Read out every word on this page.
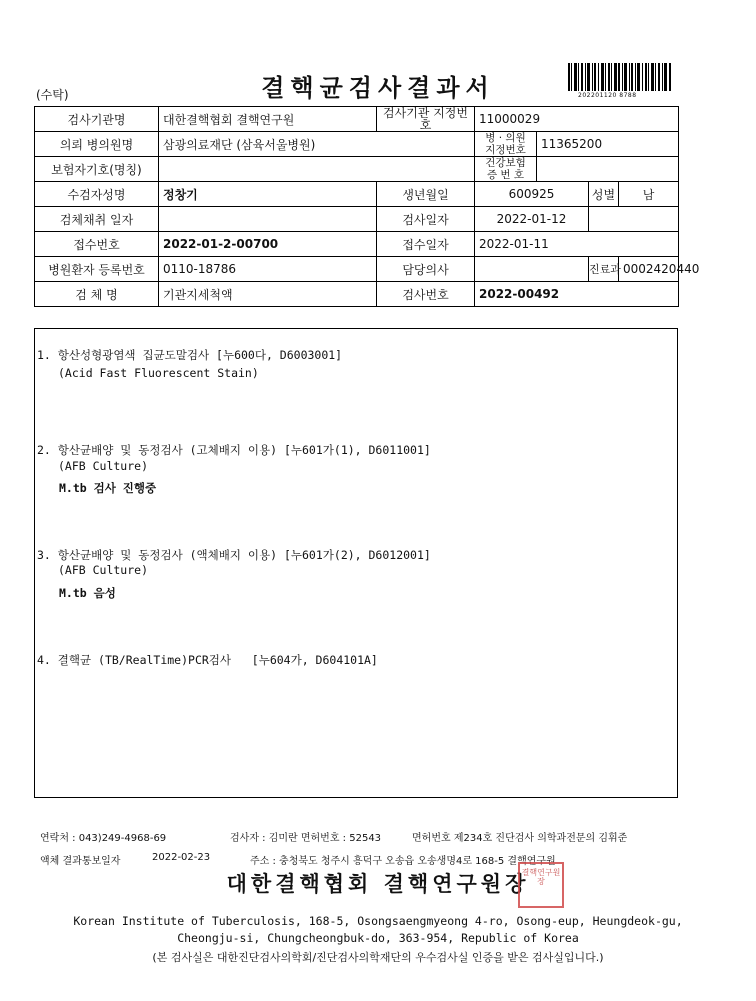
(수탁)	결핵균검사결과서	202201120 8788
검사기관명	대한결핵협회 결핵연구원	검사기관 지정번호	11000029			
의뢰 병의원명	삼광의료재단 (삼육서울병원)		병 · 의원 지정번호	11365200		
보험자기호(명칭)			건강보험 증 번 호			
수검자성명	정창기	생년월일	600925		성별	남
검체채취 일자		검사일자	2022-01-12			
접수번호	2022-01-2-00700	접수일자	2022-01-11			
병원환자 등록번호	0110-18786	담당의사			진료과	0002420440
검 체 명	기관지세척액	검사번호	2022-00492			
1. 항산성형광염색 집균도말검사 [누600다, D6003001]
(Acid Fast Fluorescent Stain)
2. 항산균배양 및 동정검사 (고체배지 이용) [누601가(1), D6011001]
(AFB Culture)
M.tb 검사 진행중
3. 항산균배양 및 동정검사 (액체배지 이용) [누601가(2), D6012001]
(AFB Culture)
M.tb 음성
4. 결핵균 (TB/RealTime)PCR검사   [누604가, D604101A]
연락처 : 043)249-4968-69	검사자 : 김미란 면허번호 : 52543	면허번호 제234호 진단검사 의학과전문의 김휘준
액체 결과통보일자	2022-02-23	주소 : 충청북도 청주시 흥덕구 오송읍 오송생명4로 168-5 결핵연구원
대한결핵협회 결핵연구원장
결핵연구원장
Korean Institute of Tuberculosis, 168-5, Osongsaengmyeong 4-ro, Osong-eup, Heungdeok-gu,
Cheongju-si, Chungcheongbuk-do, 363-954, Republic of Korea
(본 검사실은 대한진단검사의학회/진단검사의학재단의 우수검사실 인증을 받은 검사실입니다.)
